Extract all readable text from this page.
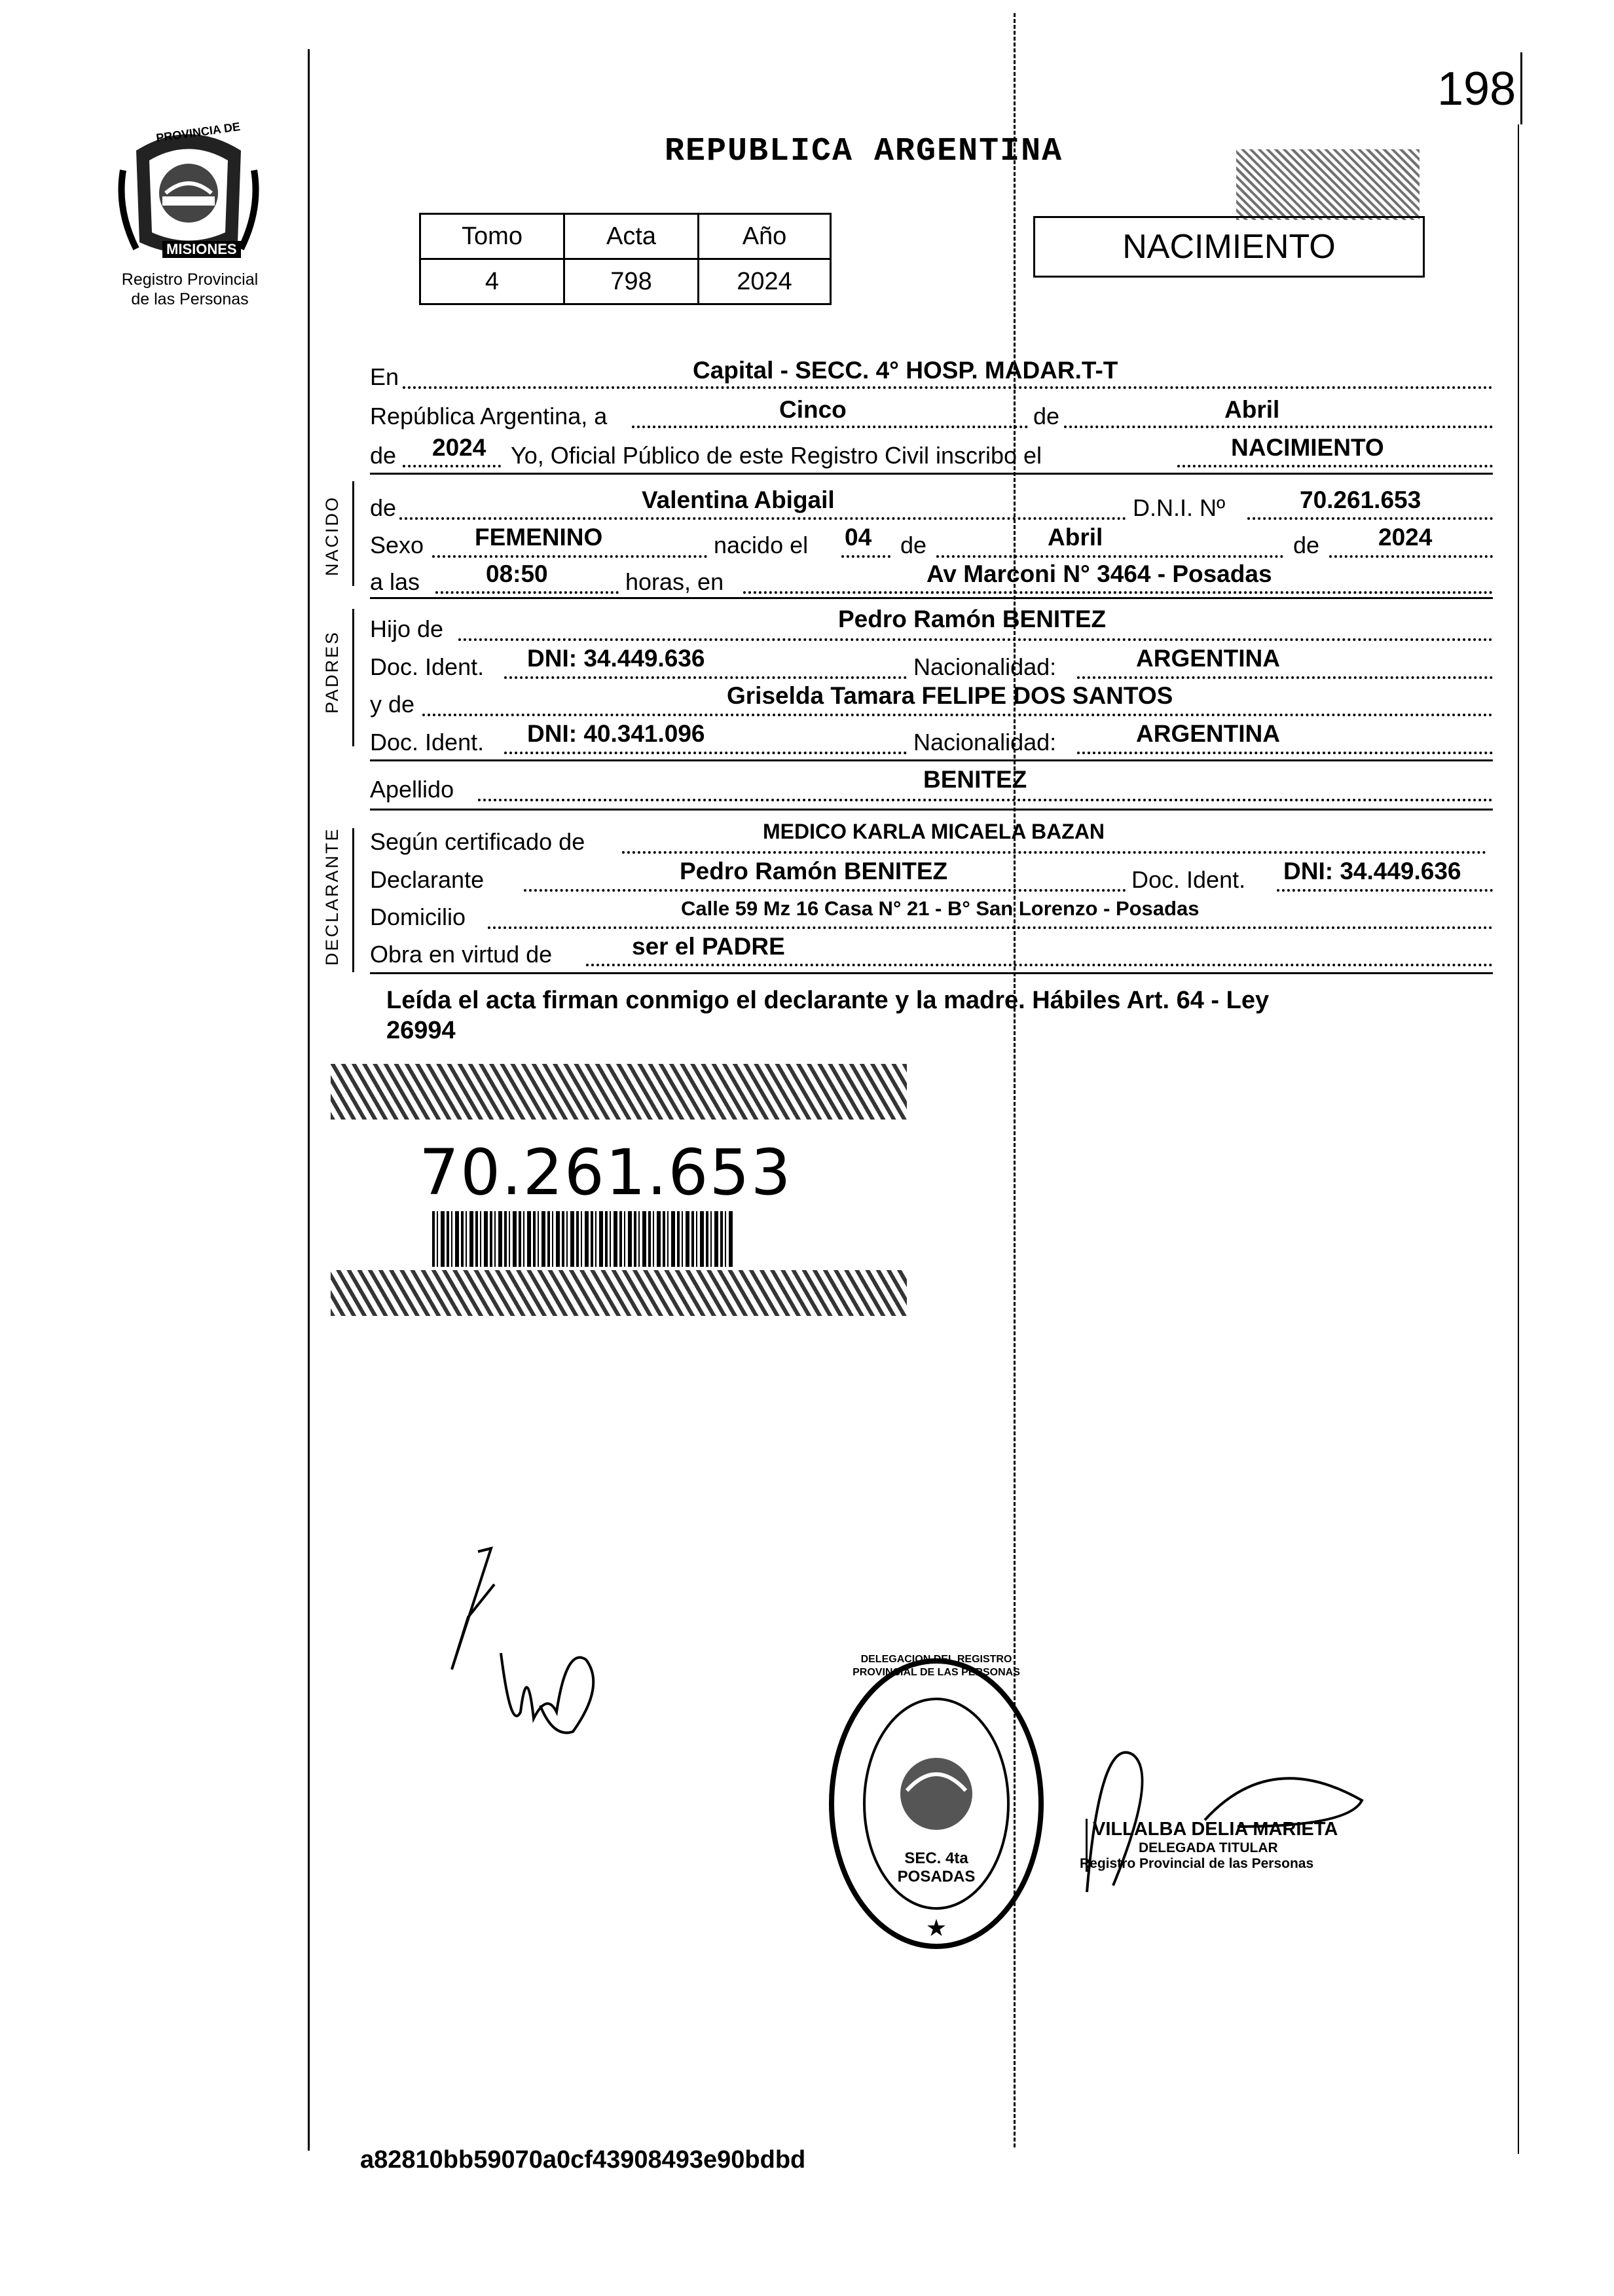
198
PROVINCIA DE
MISIONES
Registro Provincial
de las Personas
REPUBLICA ARGENTINA
Tomo	Acta	Año
4	798	2024
NACIMIENTO
En	Capital - SECC. 4° HOSP. MADAR.T-T
República Argentina, a	Cinco	de	Abril
de 2024 Yo, Oficial Público de este Registro Civil inscribo el	NACIMIENTO
NACIDO de	Valentina Abigail	D.N.I. Nº	70.261.653
Sexo FEMENINO	nacido el 04 de	Abril	de 2024
a las	08:50	horas, en	Av Marconi N° 3464 - Posadas
PADRES
Hijo de	Pedro Ramón BENITEZ
Doc. Ident. DNI: 34.449.636	Nacionalidad:	ARGENTINA
y de	Griselda Tamara FELIPE DOS SANTOS
Doc. Ident. DNI: 40.341.096	Nacionalidad:	ARGENTINA
Apellido	BENITEZ
DECLARANTE Según certificado de	MEDICO KARLA MICAELA BAZAN
Declarante	Pedro Ramón BENITEZ	Doc. Ident. DNI: 34.449.636
Domicilio	Calle 59 Mz 16 Casa N° 21 - B° San Lorenzo - Posadas
Obra en virtud de	ser el PADRE
Leída el acta firman conmigo el declarante y la madre. Hábiles Art. 64 - Ley
26994
70.261.653
★
DELEGACION DEL REGISTRO PROVINCIAL DE LAS PERSONAS
SEC. 4ta POSADAS
VILLALBA DELIA MARIETA
DELEGADA TITULAR
Registro Provincial de las Personas
a82810bb59070a0cf43908493e90bdbd
